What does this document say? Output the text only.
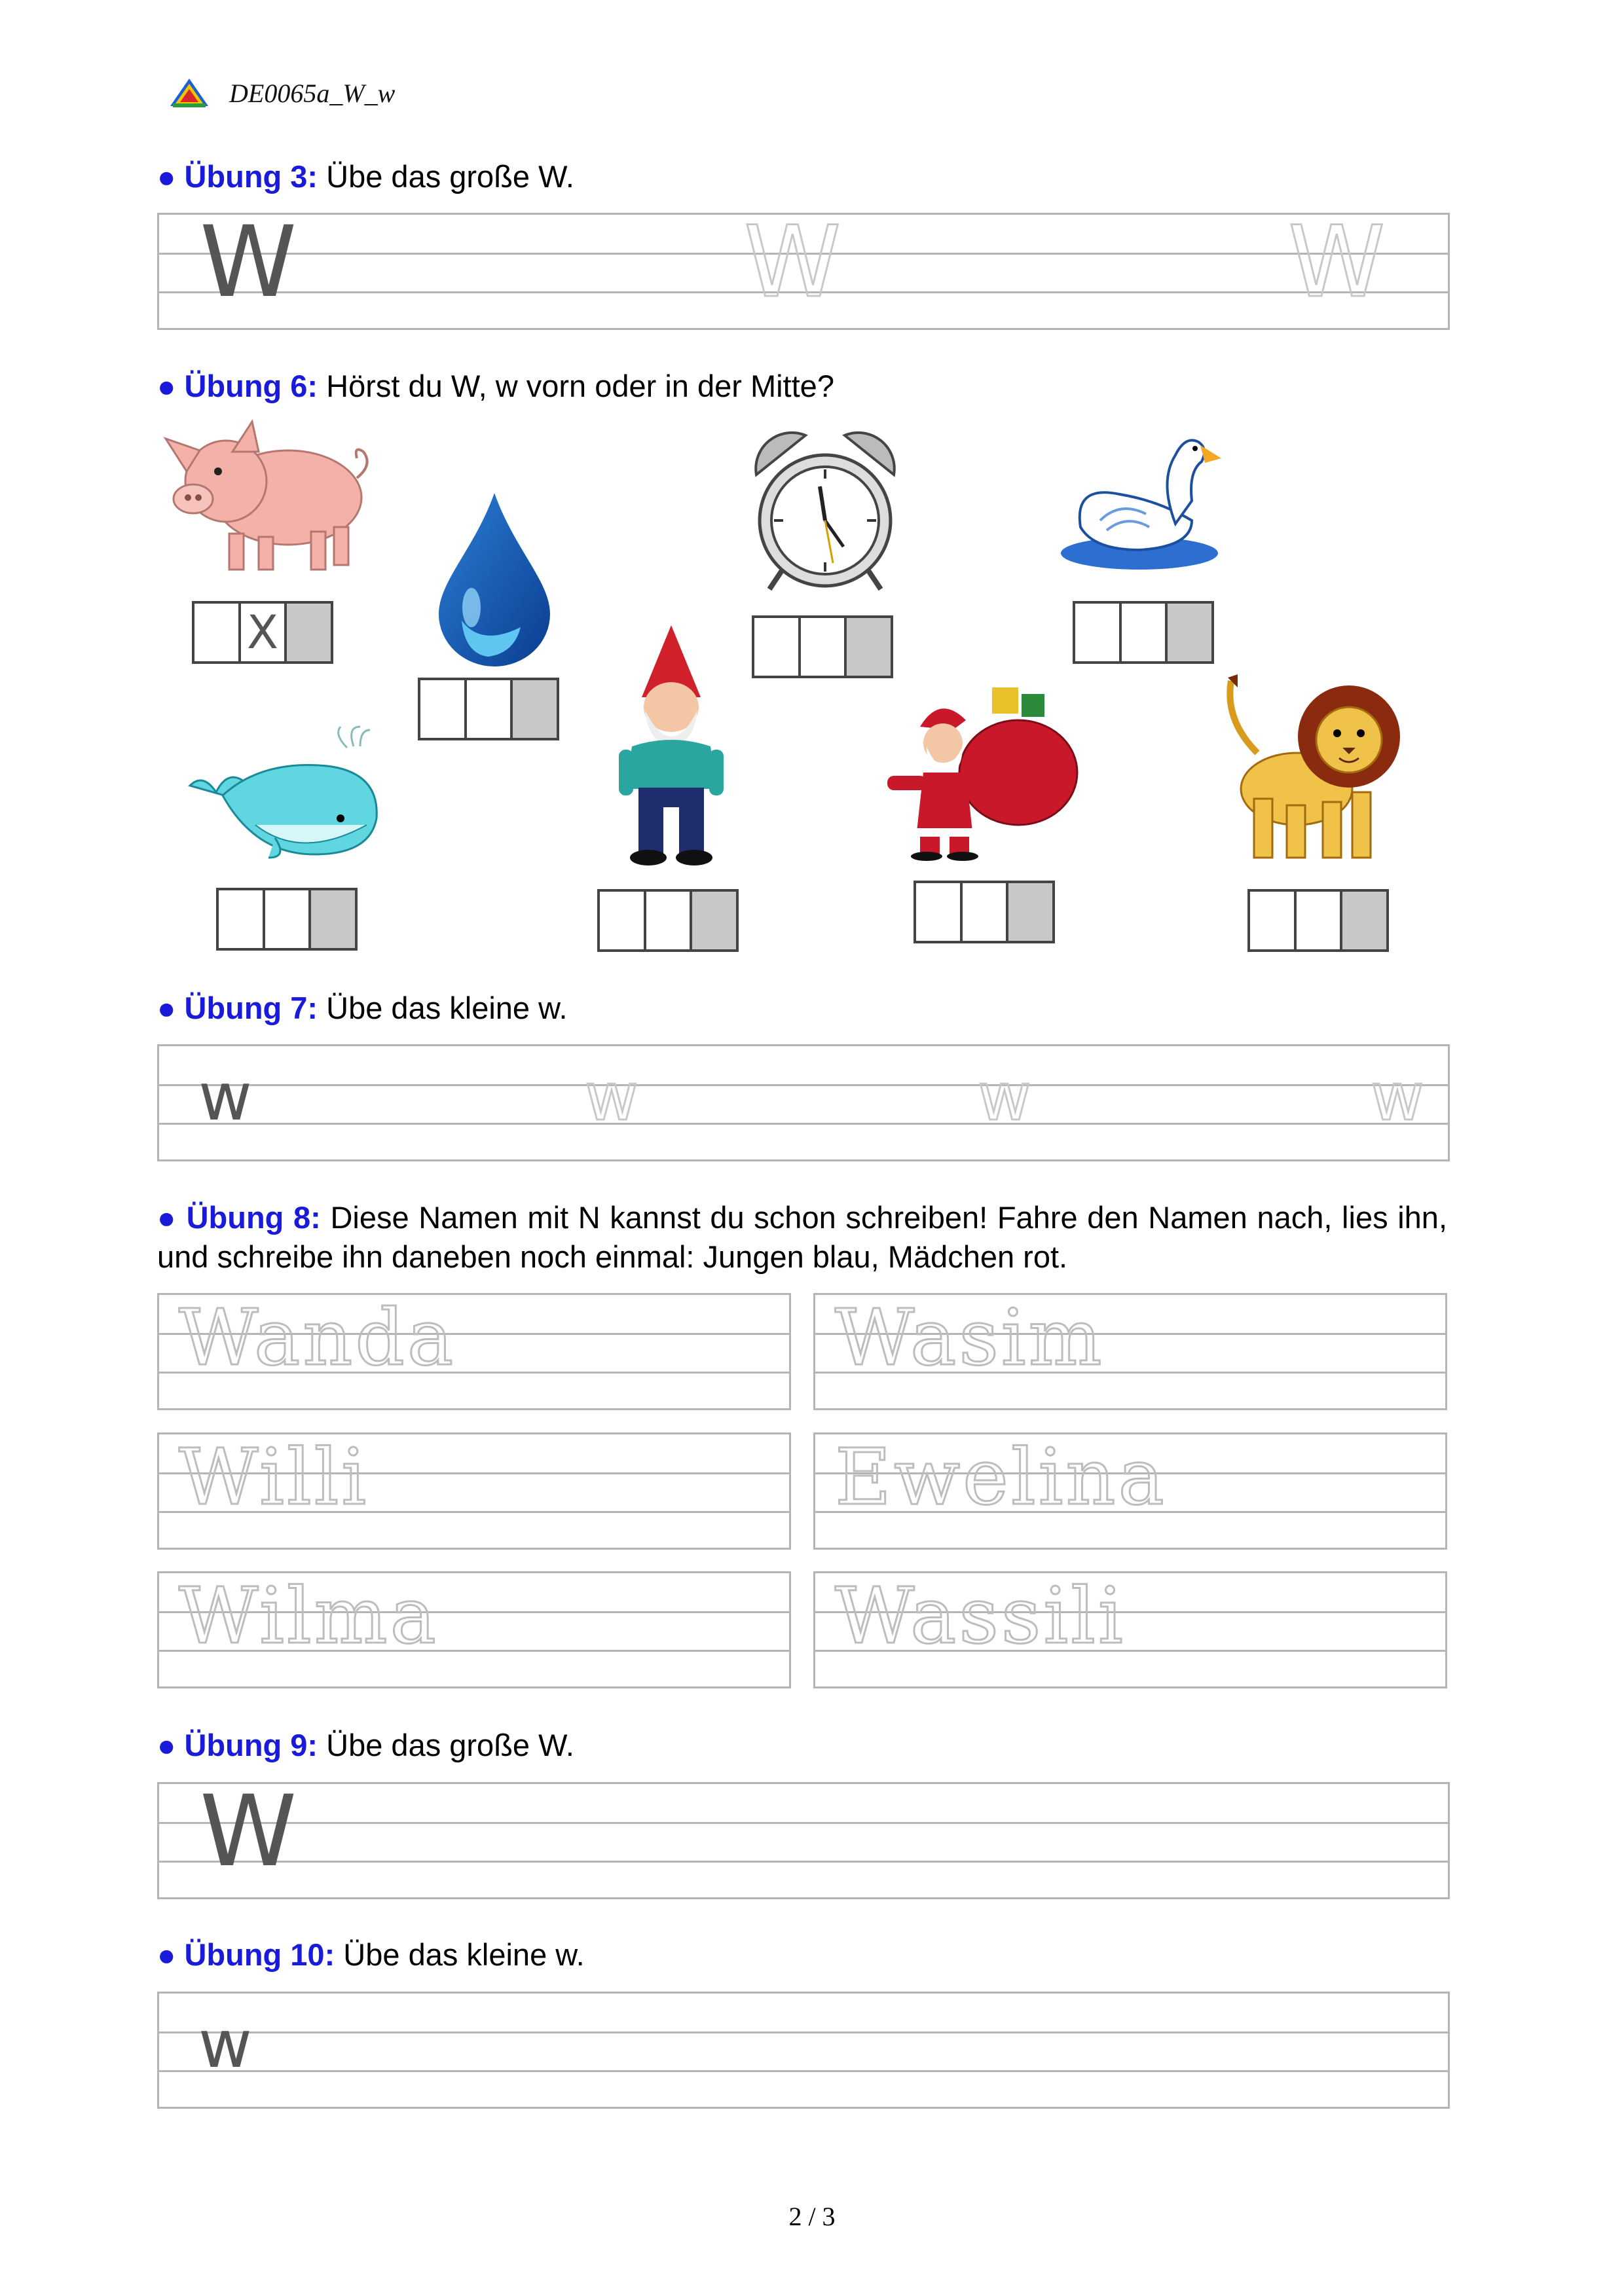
DE0065a_W_w
● Übung 3: Übe das große W.
W	W	W
● Übung 6: Hörst du W, w vorn oder in der Mitte?
X
● Übung 7: Übe das kleine w.
w	w	w	w
● Übung 8: Diese Namen mit N kannst du schon schreiben! Fahre den Namen nach, lies ihn, und schreibe ihn daneben noch einmal: Jungen blau, Mädchen rot.
Wanda	Wasim
Willi	Ewelina
Wilma	Wassili
● Übung 9: Übe das große W.
W
● Übung 10: Übe das kleine w.
w
2 / 3
